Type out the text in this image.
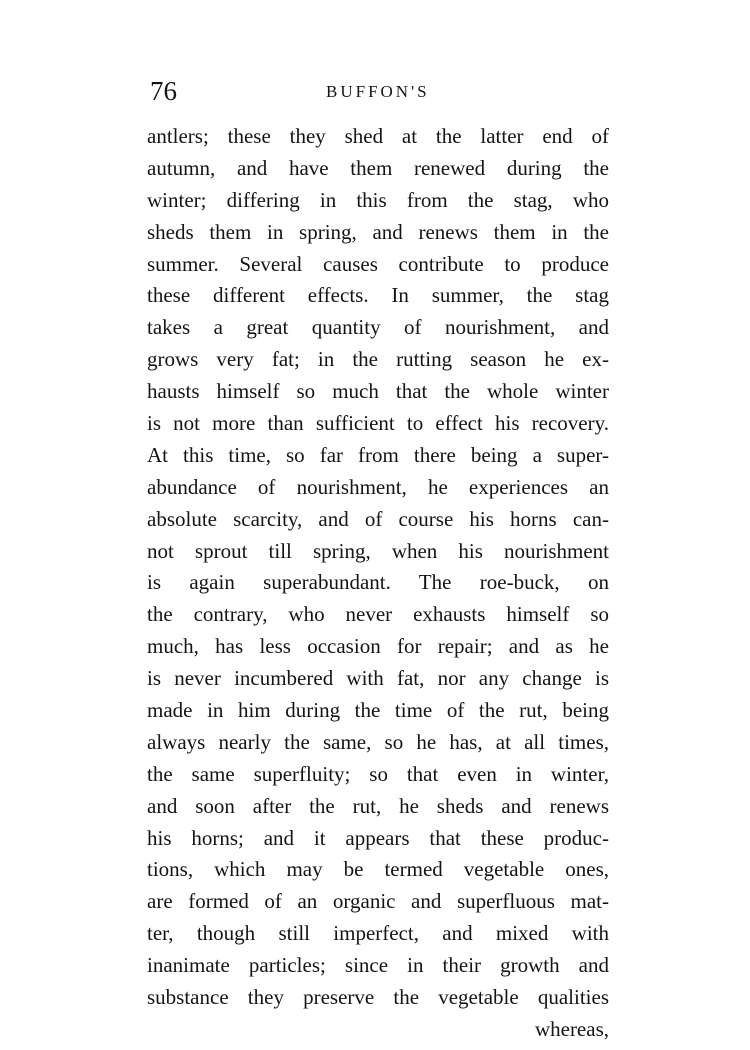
76	BUFFON'S
antlers; these they shed at the latter end of
autumn, and have them renewed during the
winter; differing in this from the stag, who
sheds them in spring, and renews them in the
summer. Several causes contribute to produce
these different effects. In summer, the stag
takes a great quantity of nourishment, and
grows very fat; in the rutting season he ex-
hausts himself so much that the whole winter
is not more than sufficient to effect his recovery.
At this time, so far from there being a super-
abundance of nourishment, he experiences an
absolute scarcity, and of course his horns can-
not sprout till spring, when his nourishment
is again superabundant. The roe-buck, on
the contrary, who never exhausts himself so
much, has less occasion for repair; and as he
is never incumbered with fat, nor any change is
made in him during the time of the rut, being
always nearly the same, so he has, at all times,
the same superfluity; so that even in winter,
and soon after the rut, he sheds and renews
his horns; and it appears that these produc-
tions, which may be termed vegetable ones,
are formed of an organic and superfluous mat-
ter, though still imperfect, and mixed with
inanimate particles; since in their growth and
substance they preserve the vegetable qualities
whereas,
